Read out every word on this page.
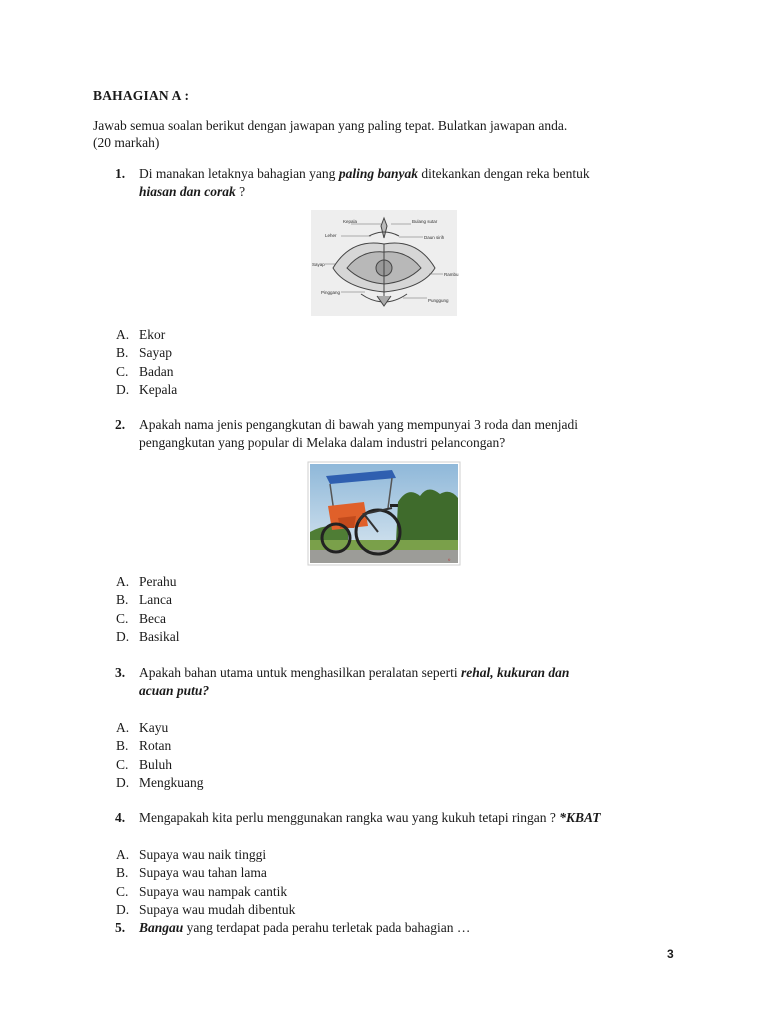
BAHAGIAN A :
Jawab semua soalan berikut dengan jawapan yang paling tepat. Bulatkan jawapan anda.
(20 markah)
1. Di manakan letaknya bahagian yang paling banyak ditekankan dengan reka bentuk
hiasan dan corak ?
Kepala	Bulang sutar
Leher	Daun sirih
Sayap
Rambu
Pinggang
Punggung
A. Ekor
B. Sayap
C. Badan
D. Kepala
2. Apakah nama jenis pengangkutan di bawah yang mempunyai 3 roda dan menjadi
pengangkutan yang popular di Melaka dalam industri pelancongan?
©
A. Perahu
B. Lanca
C. Beca
D. Basikal
3. Apakah bahan utama untuk menghasilkan peralatan seperti rehal, kukuran dan
acuan putu?
A. Kayu
B. Rotan
C. Buluh
D. Mengkuang
4. Mengapakah kita perlu menggunakan rangka wau yang kukuh tetapi ringan ? *KBAT
A. Supaya wau naik tinggi
B. Supaya wau tahan lama
C. Supaya wau nampak cantik
D. Supaya wau mudah dibentuk
5. Bangau yang terdapat pada perahu terletak pada bahagian …
3
